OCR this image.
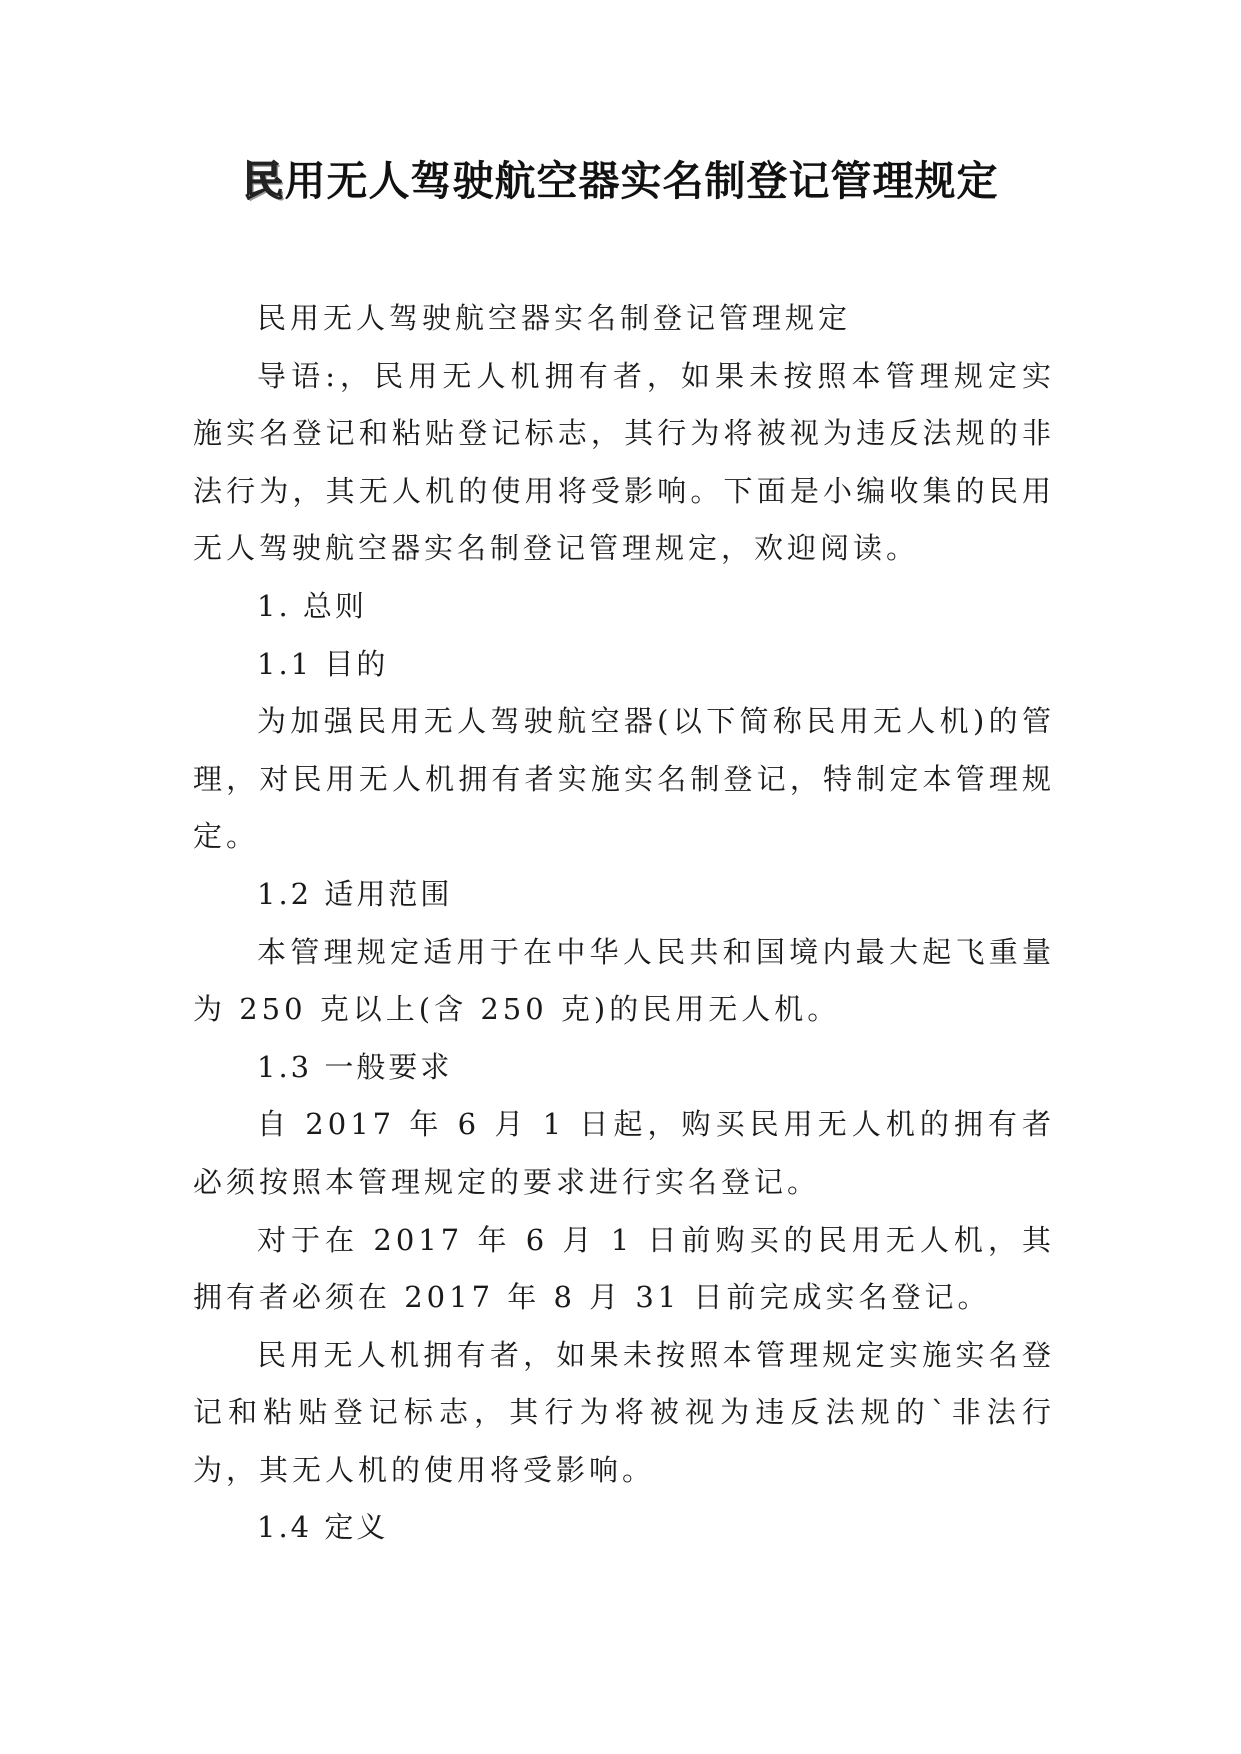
民用无人驾驶航空器实名制登记管理规定

民用无人驾驶航空器实名制登记管理规定

导语:，民用无人机拥有者，如果未按照本管理规定实施实名登记和粘贴登记标志，其行为将被视为违反法规的非法行为，其无人机的使用将受影响。下面是小编收集的民用无人驾驶航空器实名制登记管理规定，欢迎阅读。

1. 总则

1.1 目的

为加强民用无人驾驶航空器(以下简称民用无人机)的管理，对民用无人机拥有者实施实名制登记，特制定本管理规定。

1.2 适用范围

本管理规定适用于在中华人民共和国境内最大起飞重量为 250 克以上(含 250 克)的民用无人机。

1.3 一般要求

自 2017 年 6 月 1 日起，购买民用无人机的拥有者必须按照本管理规定的要求进行实名登记。

对于在 2017 年 6 月 1 日前购买的民用无人机，其拥有者必须在 2017 年 8 月 31 日前完成实名登记。

民用无人机拥有者，如果未按照本管理规定实施实名登记和粘贴登记标志，其行为将被视为违反法规的`非法行为，其无人机的使用将受影响。

1.4 定义
